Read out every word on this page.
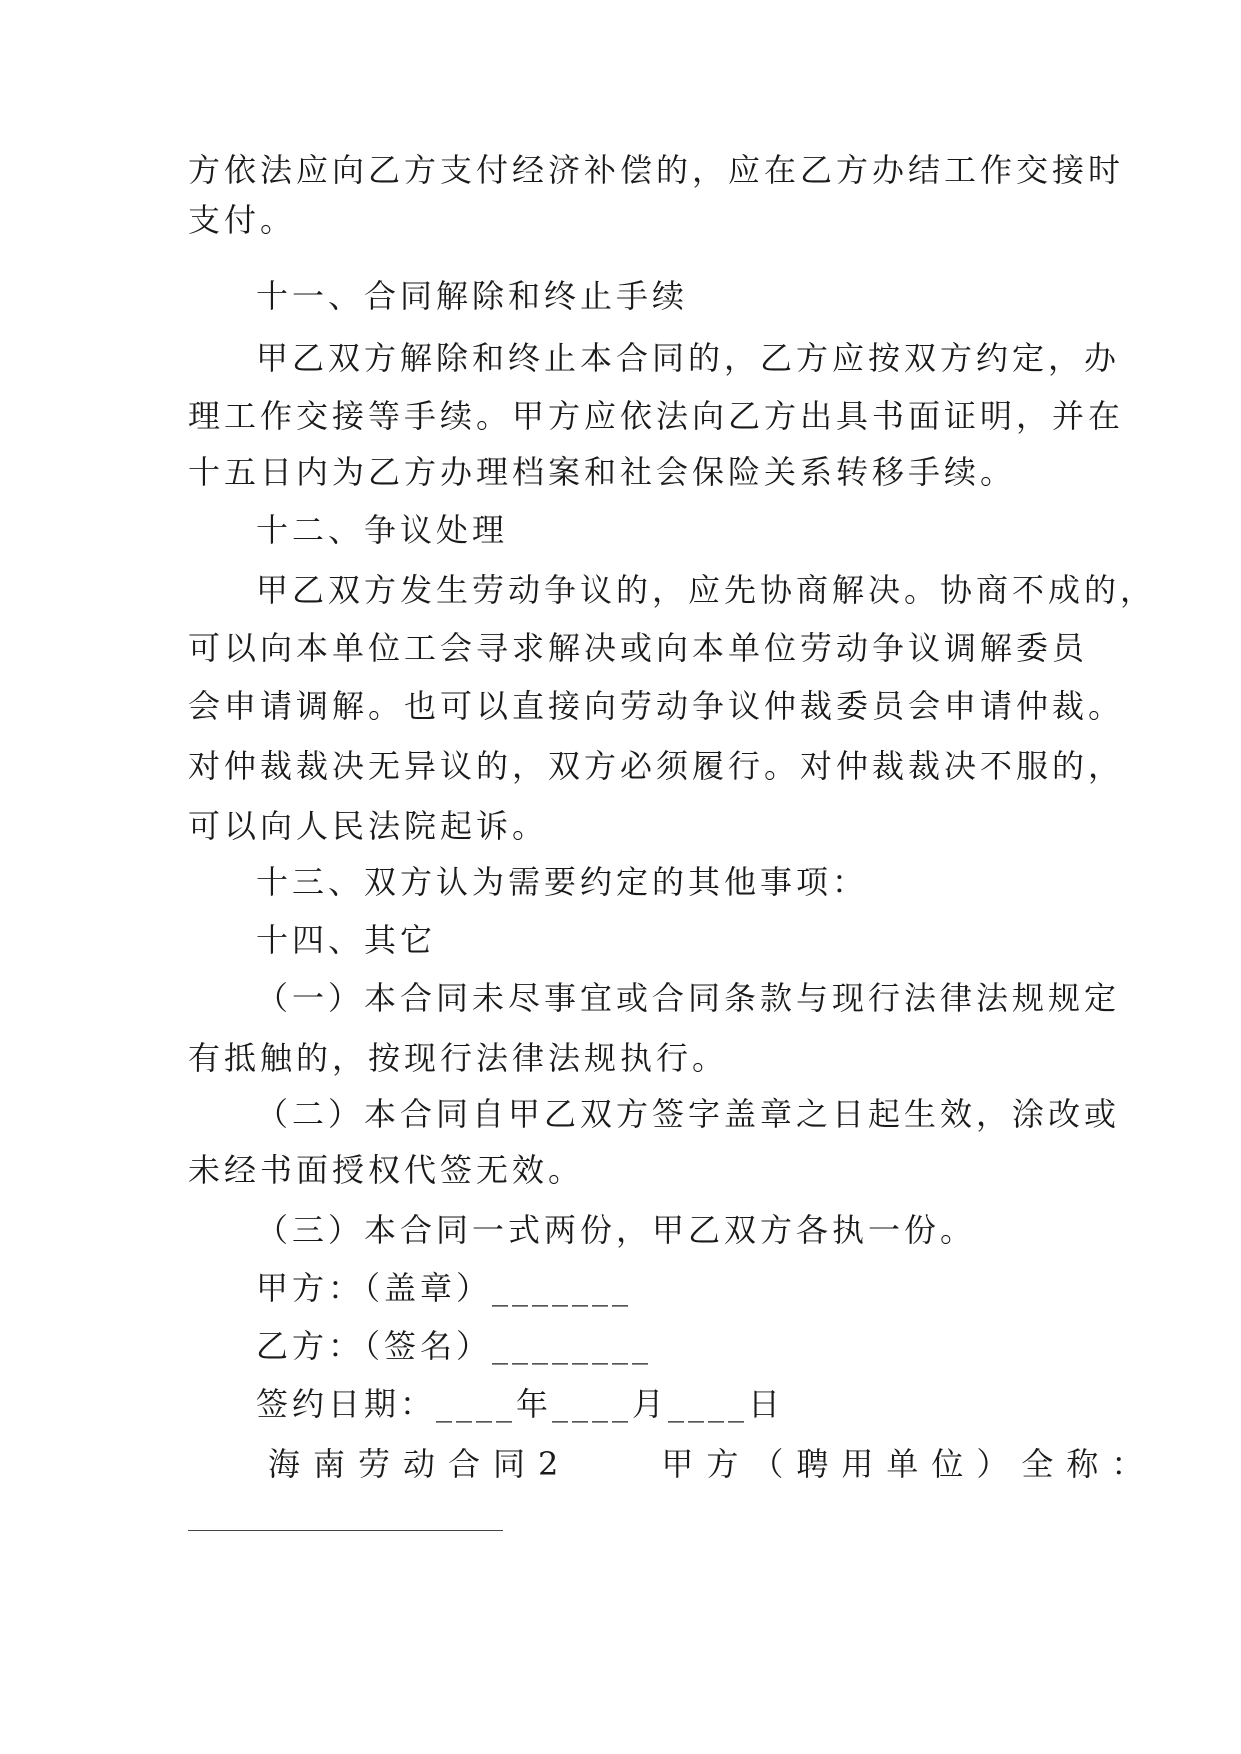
方依法应向乙方支付经济补偿的，应在乙方办结工作交接时
支付。
十一、合同解除和终止手续
甲乙双方解除和终止本合同的，乙方应按双方约定，办
理工作交接等手续。甲方应依法向乙方出具书面证明，并在
十五日内为乙方办理档案和社会保险关系转移手续。
十二、争议处理
甲乙双方发生劳动争议的，应先协商解决。协商不成的，
可以向本单位工会寻求解决或向本单位劳动争议调解委员
会申请调解。也可以直接向劳动争议仲裁委员会申请仲裁。
对仲裁裁决无异议的，双方必须履行。对仲裁裁决不服的，
可以向人民法院起诉。
十三、双方认为需要约定的其他事项：
十四、其它
（一）本合同未尽事宜或合同条款与现行法律法规规定
有抵触的，按现行法律法规执行。
（二）本合同自甲乙双方签字盖章之日起生效，涂改或
未经书面授权代签无效。
（三）本合同一式两份，甲乙双方各执一份。
甲方：（盖章）_______
乙方：（签名）________
签约日期：____年____月____日
海南劳动合同2　　甲方（聘用单位）全称：
